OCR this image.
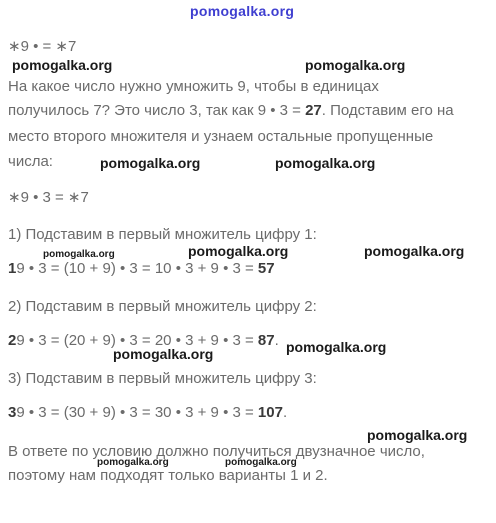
pomogalka.org
∗9 • = ∗7
На какое число нужно умножить 9, чтобы в единицах
получилось 7? Это число 3, так как 9 • 3 = 27. Подставим его на
место второго множителя и узнаем остальные пропущенные
числа:
∗9 • 3 = ∗7
1) Подставим в первый множитель цифру 1:
19 • 3 = (10 + 9) • 3 = 10 • 3 + 9 • 3 = 57
2) Подставим в первый множитель цифру 2:
29 • 3 = (20 + 9) • 3 = 20 • 3 + 9 • 3 = 87.
3) Подставим в первый множитель цифру 3:
39 • 3 = (30 + 9) • 3 = 30 • 3 + 9 • 3 = 107.
В ответе по условию должно получиться двузначное число,
поэтому нам подходят только варианты 1 и 2.
pomogalka.org	pomogalka.org
pomogalka.org	pomogalka.org
pomogalka.org	pomogalka.org	pomogalka.org
pomogalka.org
pomogalka.org
pomogalka.org
pomogalka.org	pomogalka.org
